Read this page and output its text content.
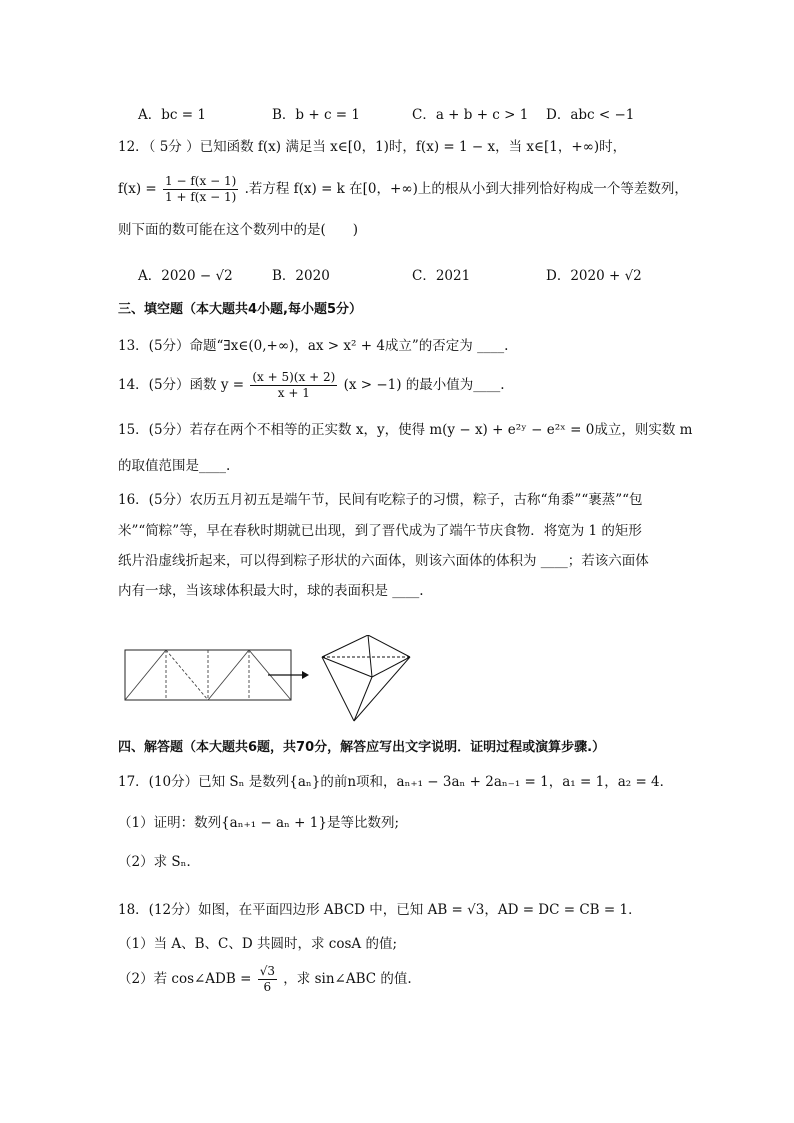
A．bc = 1	B．b + c = 1	C．a + b + c > 1 D．abc < −1
12．（ 5分 ）已知函数 f(x) 满足当 x∈[0，1)时，f(x) = 1 − x，当 x∈[1，+∞)时，
$f(x) = \frac{1 - f(x - 1)}{1 + f(x - 1)}$ .若方程 f(x) = k 在[0，+∞)上的根从小到大排列恰好构成一个等差数列，
则下面的数可能在这个数列中的是(　　)
A．2020 − √2	B．2020	C．2021	D．2020 + √2
三、填空题（本大题共4小题,每小题5分）
13．(5分）命题“∃x∈(0,+∞)，ax > x² + 4成立”的否定为 ____.
14．(5分）函数 $y = \frac{(x + 5)(x + 2)}{x + 1} (x > -1)$ 的最小值为____.
15．(5分）若存在两个不相等的正实数 x，y，使得 m(y − x) + e²ʸ − e²ˣ = 0成立，则实数 m
的取值范围是____.
16．(5分）农历五月初五是端午节，民间有吃粽子的习惯，粽子，古称“角黍”“裹蒸”“包
米”“简粽”等，早在春秋时期就已出现，到了晋代成为了端午节庆食物．将宽为 1 的矩形
纸片沿虚线折起来，可以得到粽子形状的六面体，则该六面体的体积为 ____；若该六面体
内有一球，当该球体积最大时，球的表面积是 ____.
四、解答题（本大题共6题，共70分，解答应写出文字说明．证明过程或演算步骤.）
17．(10分）已知 Sₙ 是数列{aₙ}的前n项和，aₙ₊₁ − 3aₙ + 2aₙ₋₁ = 1，a₁ = 1，a₂ = 4．
（1）证明：数列{aₙ₊₁ − aₙ + 1}是等比数列;
（2）求 Sₙ．
18．(12分）如图，在平面四边形 ABCD 中，已知 AB = √3，AD = DC = CB = 1．
（1）当 A、B、C、D 共圆时，求 cosA 的值;
（2）若 cos∠ADB = $\frac{√3}{6}$ ，求 sin∠ABC 的值.
